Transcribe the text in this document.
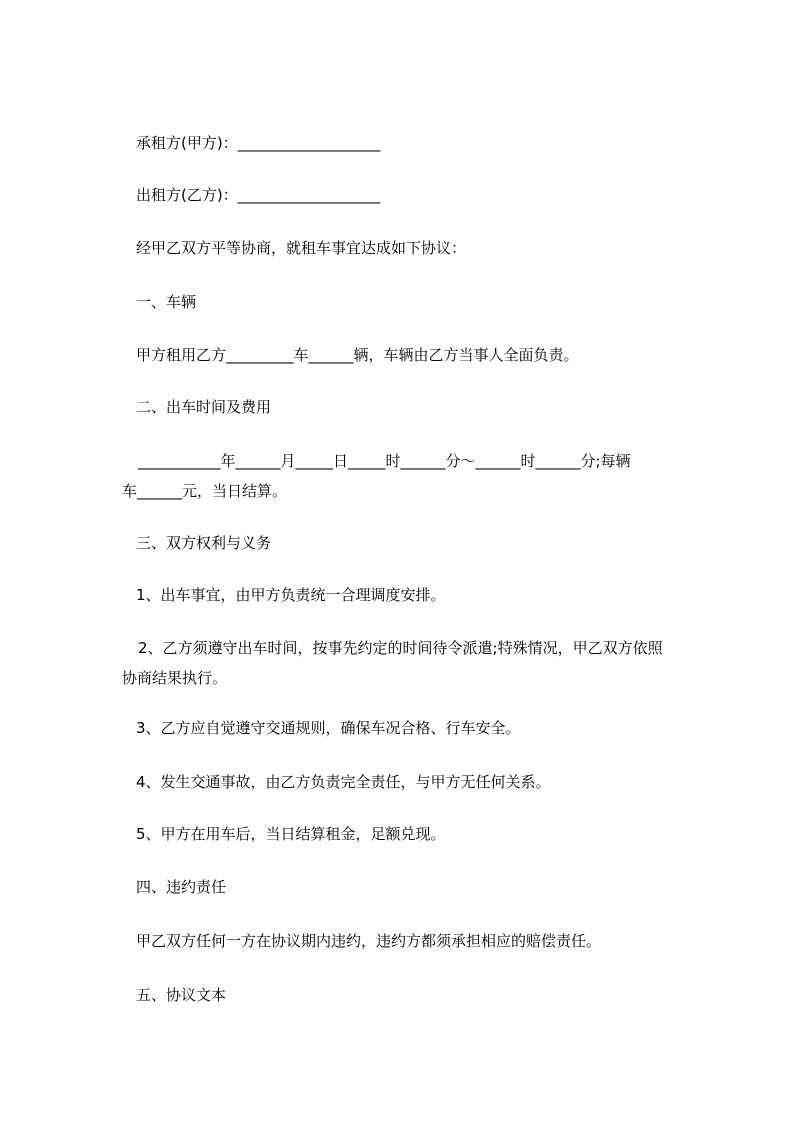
承租方(甲方)：___________________
出租方(乙方)：___________________
经甲乙双方平等协商，就租车事宜达成如下协议：
一、车辆
甲方租用乙方_________车______辆，车辆由乙方当事人全面负责。
二、出车时间及费用
___________年______月_____日_____时______分～______时______分;每辆
车______元，当日结算。
三、双方权利与义务
1、出车事宜，由甲方负责统一合理调度安排。
2、乙方须遵守出车时间，按事先约定的时间待令派遣;特殊情况，甲乙双方依照
协商结果执行。
3、乙方应自觉遵守交通规则，确保车况合格、行车安全。
4、发生交通事故，由乙方负责完全责任，与甲方无任何关系。
5、甲方在用车后，当日结算租金，足额兑现。
四、违约责任
甲乙双方任何一方在协议期内违约，违约方都须承担相应的赔偿责任。
五、协议文本
